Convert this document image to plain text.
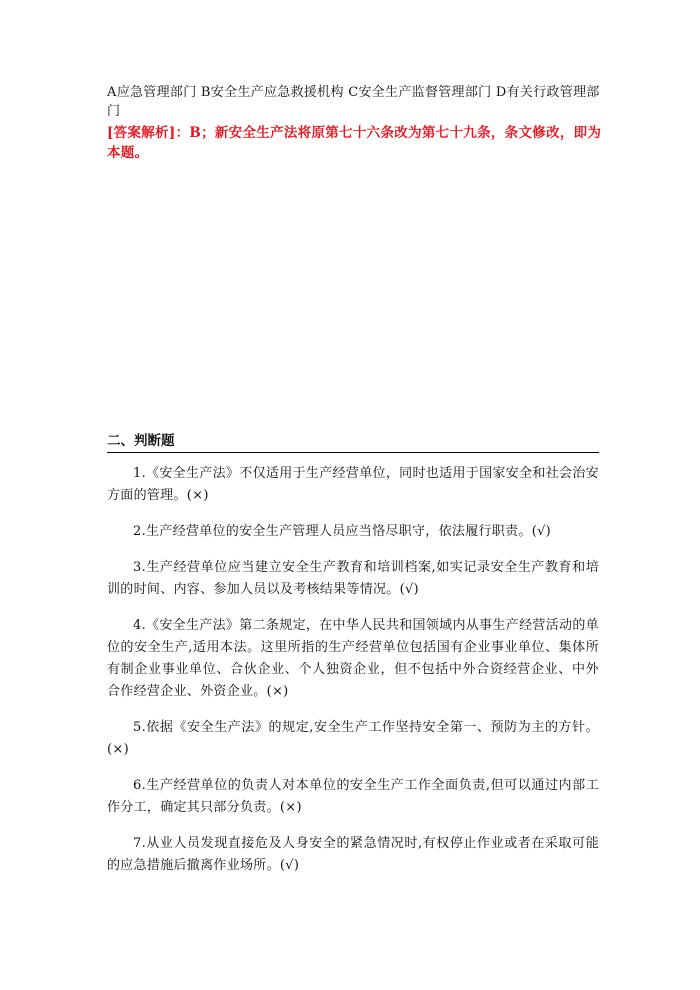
A应急管理部门 B安全生产应急救援机构 C安全生产监督管理部门 D有关行政管理部门
[答案解析]：B；新安全生产法将原第七十六条改为第七十九条，条文修改，即为本题。
二、判断题

1.《安全生产法》不仅适用于生产经营单位，同时也适用于国家安全和社会治安方面的管理。(×)

2.生产经营单位的安全生产管理人员应当恪尽职守，依法履行职责。(√)

3.生产经营单位应当建立安全生产教育和培训档案,如实记录安全生产教育和培训的时间、内容、参加人员以及考核结果等情况。(√)

4.《安全生产法》第二条规定，在中华人民共和国领域内从事生产经营活动的单位的安全生产,适用本法。这里所指的生产经营单位包括国有企业事业单位、集体所有制企业事业单位、合伙企业、个人独资企业，但不包括中外合资经营企业、中外合作经营企业、外资企业。(×)

5.依据《安全生产法》的规定,安全生产工作坚持安全第一、预防为主的方针。(×)

6.生产经营单位的负责人对本单位的安全生产工作全面负责,但可以通过内部工作分工，确定其只部分负责。(×)

7.从业人员发现直接危及人身安全的紧急情况时,有权停止作业或者在采取可能的应急措施后撤离作业场所。(√)
